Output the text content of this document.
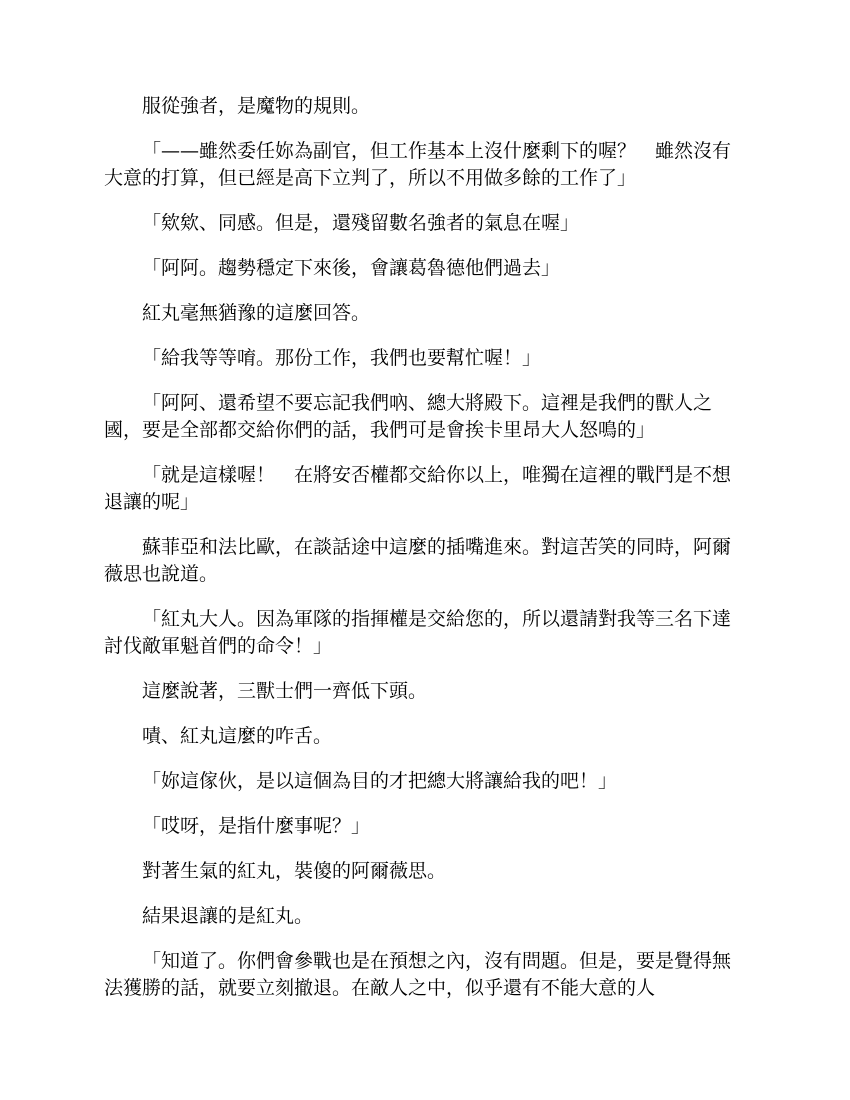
服從強者，是魔物的規則。

「——雖然委任妳為副官，但工作基本上沒什麼剩下的喔？　雖然沒有大意的打算，但已經是高下立判了，所以不用做多餘的工作了」

「欸欸、同感。但是，還殘留數名強者的氣息在喔」

「阿阿。趨勢穩定下來後，會讓葛魯德他們過去」

紅丸毫無猶豫的這麼回答。

「給我等等唷。那份工作，我們也要幫忙喔！」

「阿阿、還希望不要忘記我們吶、總大將殿下。這裡是我們的獸人之國，要是全部都交給你們的話，我們可是會挨卡里昂大人怒鳴的」

「就是這樣喔！　在將安否權都交給你以上，唯獨在這裡的戰鬥是不想退讓的呢」

蘇菲亞和法比歐，在談話途中這麼的插嘴進來。對這苦笑的同時，阿爾薇思也說道。

「紅丸大人。因為軍隊的指揮權是交給您的，所以還請對我等三名下達討伐敵軍魁首們的命令！」

這麼說著，三獸士們一齊低下頭。

嘖、紅丸這麼的咋舌。

「妳這傢伙，是以這個為目的才把總大將讓給我的吧！」

「哎呀，是指什麼事呢？」

對著生氣的紅丸，裝傻的阿爾薇思。

結果退讓的是紅丸。

「知道了。你們會參戰也是在預想之內，沒有問題。但是，要是覺得無法獲勝的話，就要立刻撤退。在敵人之中，似乎還有不能大意的人
